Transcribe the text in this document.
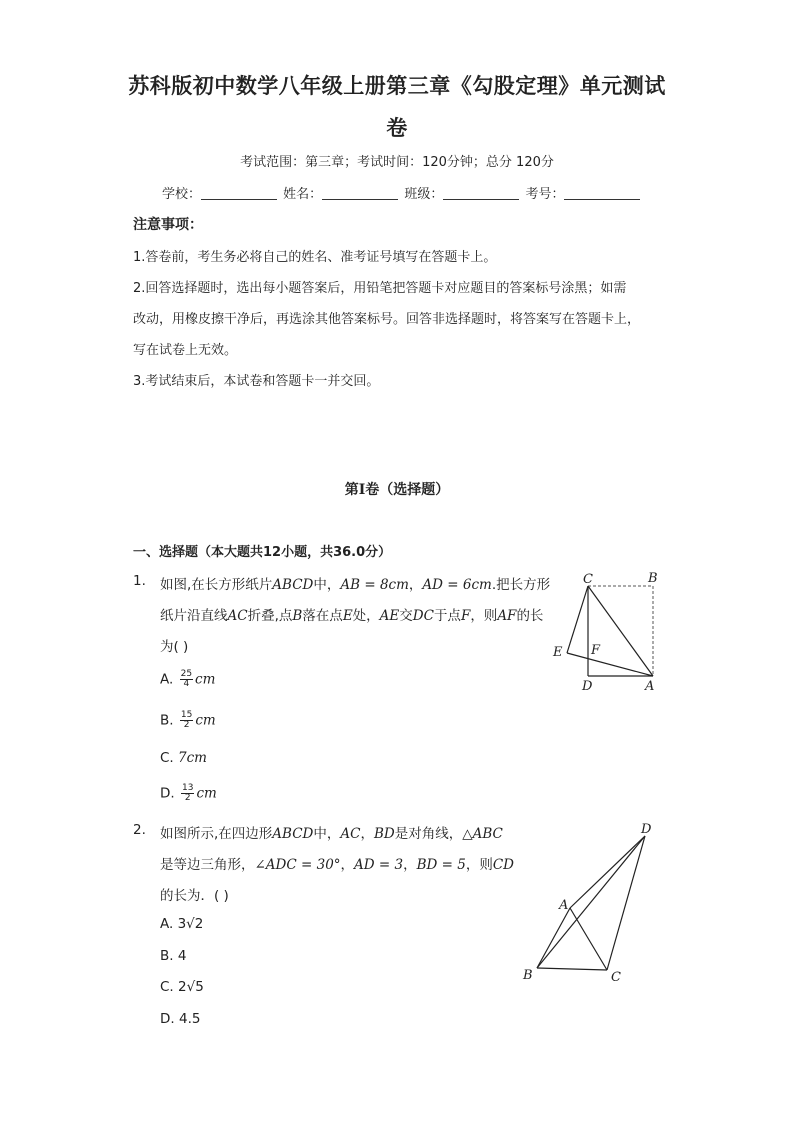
苏科版初中数学八年级上册第三章《勾股定理》单元测试
卷
考试范围：第三章；考试时间：120分钟；总分 120分
学校：	姓名：	班级：	考号：
注意事项：
1.答卷前，考生务必将自己的姓名、准考证号填写在答题卡上。
2.回答选择题时，选出每小题答案后，用铅笔把答题卡对应题目的答案标号涂黑；如需
改动，用橡皮擦干净后，再选涂其他答案标号。回答非选择题时，将答案写在答题卡上，
写在试卷上无效。
3.考试结束后，本试卷和答题卡一并交回。
第I卷（选择题）
一、选择题（本大题共12小题，共36.0分）
1. 如图,在长方形纸片ABCD中，AB = 8cm，AD = 6cm.把长方形
纸片沿直线AC折叠,点B落在点E处，AE交DC于点F，则AF的长
为( )
A. $\frac{25}{4}$ cm
B. $\frac{15}{2}$ cm
C. 7cm
D. $\frac{13}{2}$ cm
C	B
E F
D	A
2. 如图所示,在四边形ABCD中，AC，BD是对角线，△ABC
是等边三角形，∠ADC = 30°，AD = 3，BD = 5，则CD
的长为．( )
A. 3√2
B. 4
C. 2√5
D. 4.5
D
A
B	C
